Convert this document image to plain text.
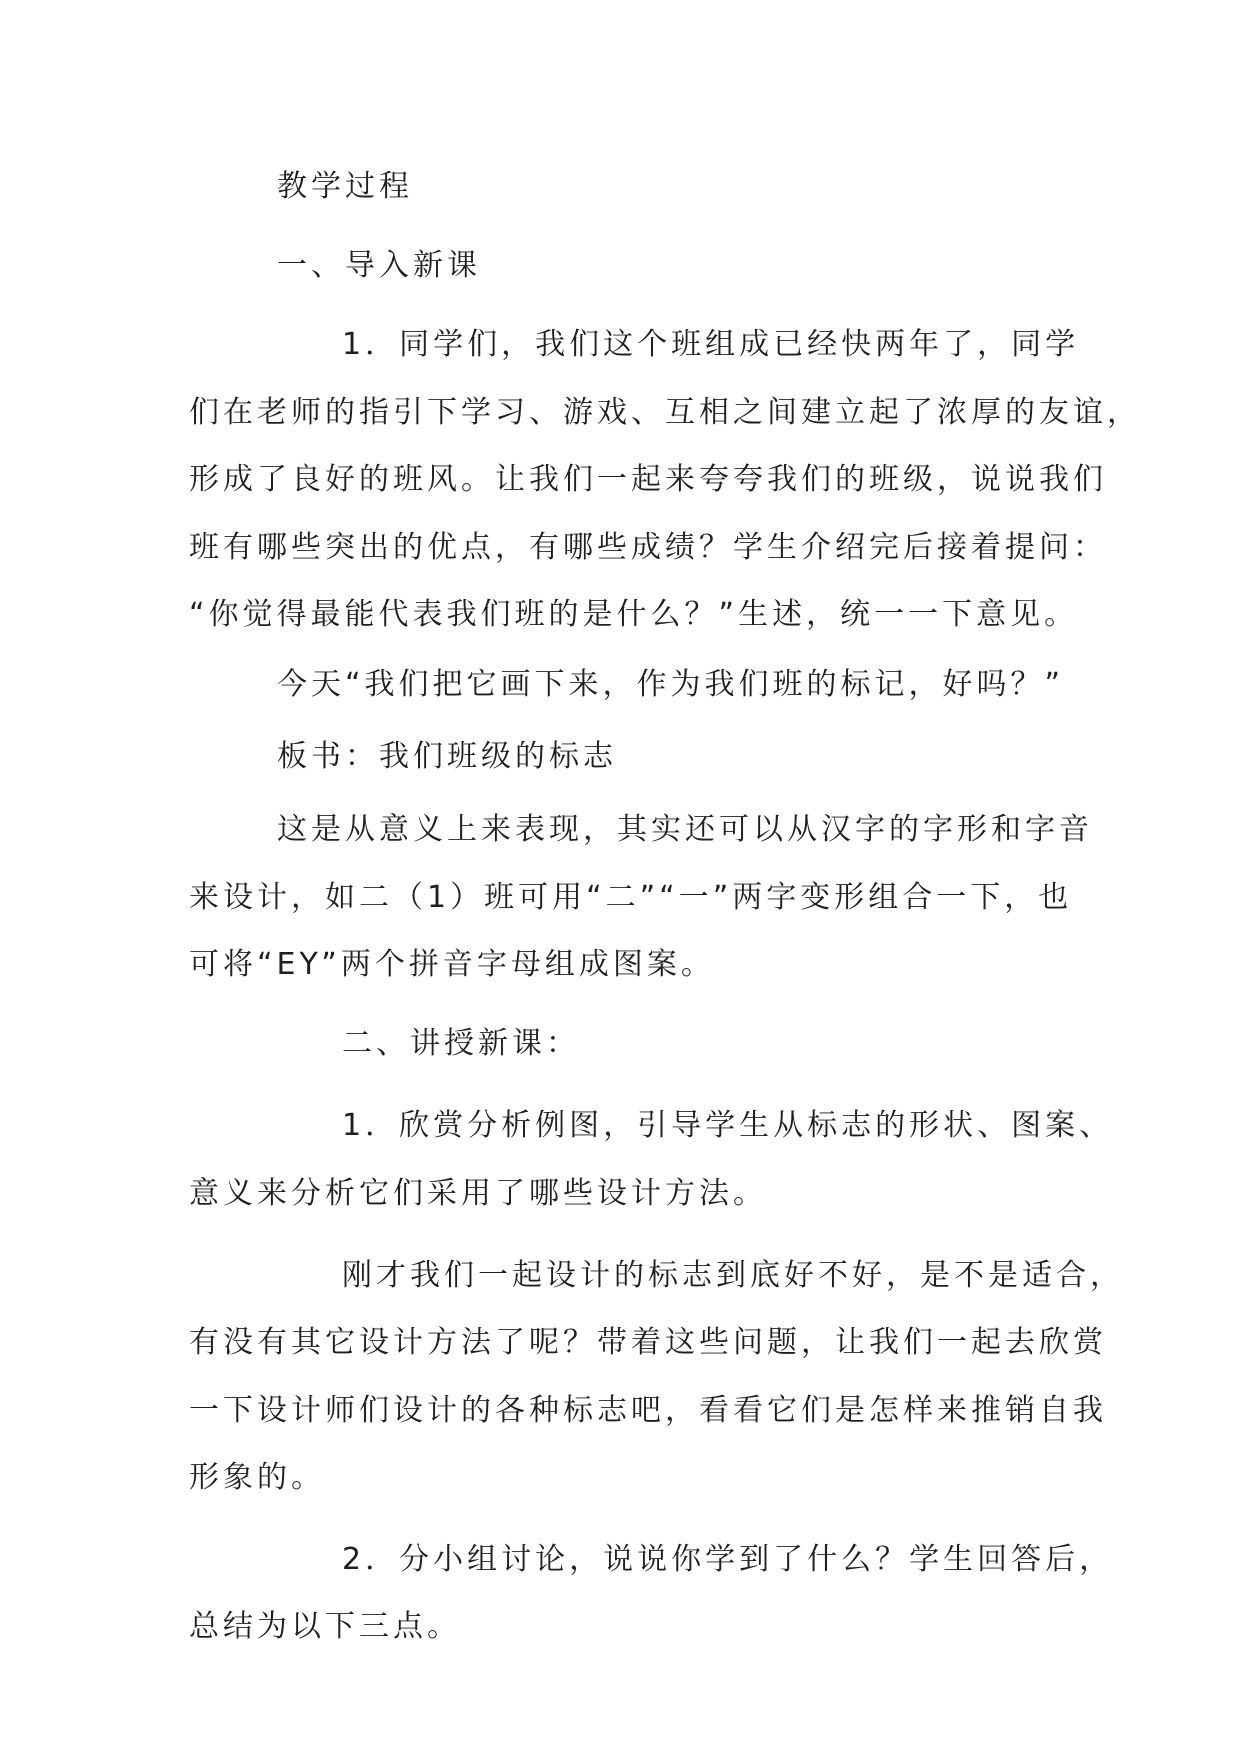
教学过程
一、导入新课
1．同学们，我们这个班组成已经快两年了，同学
们在老师的指引下学习、游戏、互相之间建立起了浓厚的友谊，
形成了良好的班风。让我们一起来夸夸我们的班级，说说我们
班有哪些突出的优点，有哪些成绩？学生介绍完后接着提问：
“你觉得最能代表我们班的是什么？”生述，统一一下意见。
今天“我们把它画下来，作为我们班的标记，好吗？”
板书：我们班级的标志
这是从意义上来表现，其实还可以从汉字的字形和字音
来设计，如二（1）班可用“二”“一”两字变形组合一下，也
可将“EY”两个拼音字母组成图案。
二、讲授新课：
1．欣赏分析例图，引导学生从标志的形状、图案、
意义来分析它们采用了哪些设计方法。
刚才我们一起设计的标志到底好不好，是不是适合，
有没有其它设计方法了呢？带着这些问题，让我们一起去欣赏
一下设计师们设计的各种标志吧，看看它们是怎样来推销自我
形象的。
2．分小组讨论，说说你学到了什么？学生回答后，
总结为以下三点。
